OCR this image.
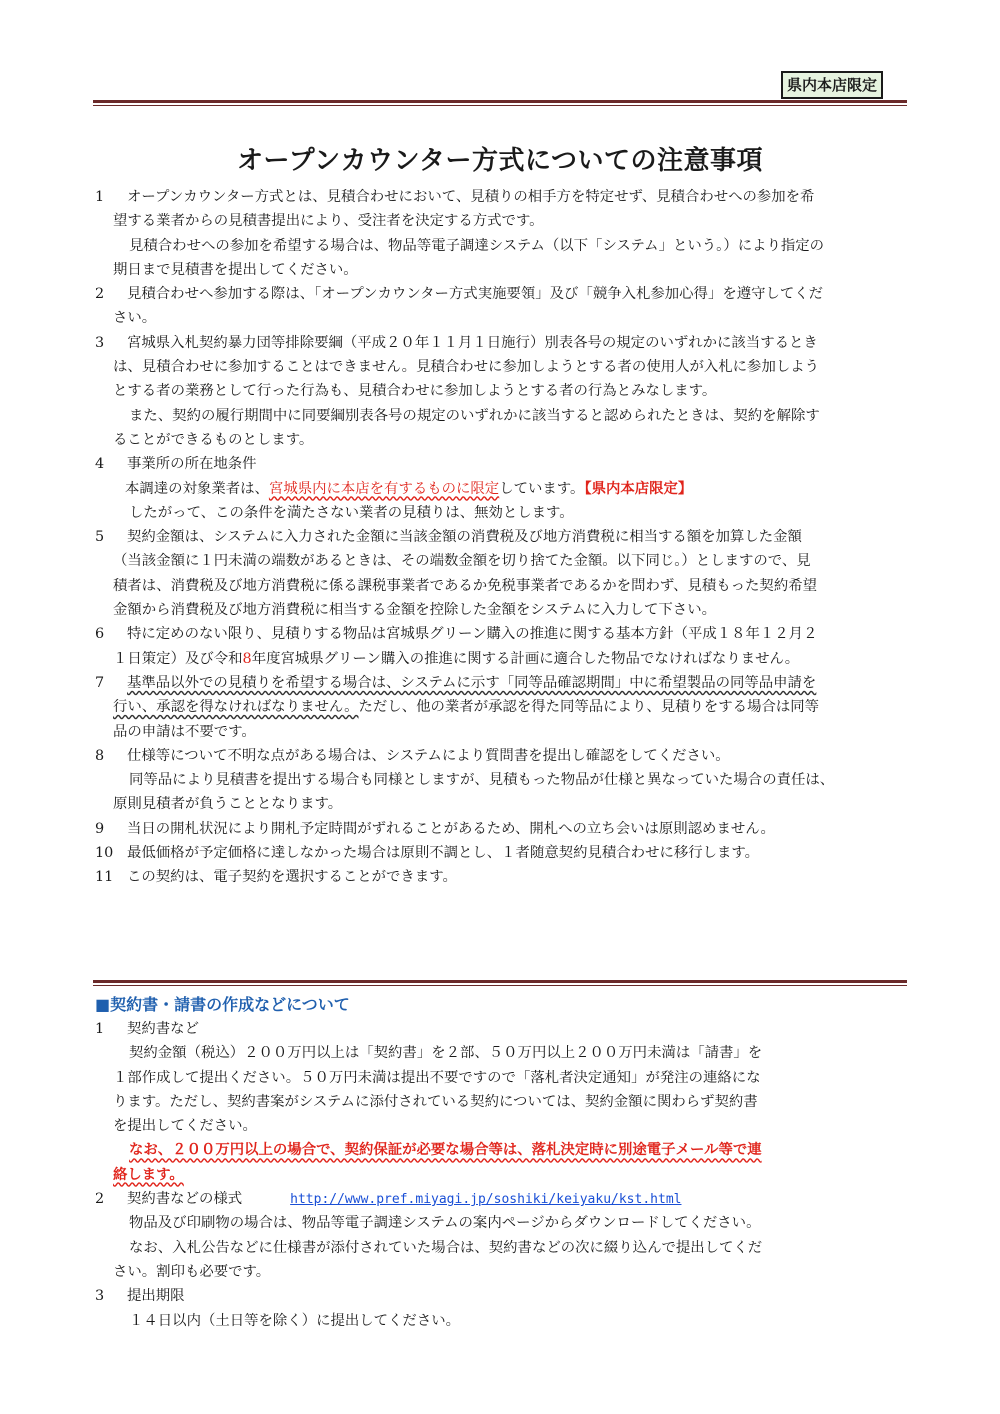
県内本店限定
オープンカウンター方式についての注意事項
1 オープンカウンター方式とは、見積合わせにおいて、見積りの相手方を特定せず、見積合わせへの参加を希
望する業者からの見積書提出により、受注者を決定する方式です。
見積合わせへの参加を希望する場合は、物品等電子調達システム（以下「システム」という。）により指定の
期日まで見積書を提出してください。
2 見積合わせへ参加する際は、「オープンカウンター方式実施要領」及び「競争入札参加心得」を遵守してくだ
さい。
3 宮城県入札契約暴力団等排除要綱（平成２０年１１月１日施行）別表各号の規定のいずれかに該当するとき
は、見積合わせに参加することはできません。見積合わせに参加しようとする者の使用人が入札に参加しよう
とする者の業務として行った行為も、見積合わせに参加しようとする者の行為とみなします。
また、契約の履行期間中に同要綱別表各号の規定のいずれかに該当すると認められたときは、契約を解除す
ることができるものとします。
4 事業所の所在地条件
本調達の対象業者は、宮城県内に本店を有するものに限定しています。【県内本店限定】
したがって、この条件を満たさない業者の見積りは、無効とします。
5 契約金額は、システムに入力された金額に当該金額の消費税及び地方消費税に相当する額を加算した金額
（当該金額に１円未満の端数があるときは、その端数金額を切り捨てた金額。以下同じ。）としますので、見
積者は、消費税及び地方消費税に係る課税事業者であるか免税事業者であるかを問わず、見積もった契約希望
金額から消費税及び地方消費税に相当する金額を控除した金額をシステムに入力して下さい。
6 特に定めのない限り、見積りする物品は宮城県グリーン購入の推進に関する基本方針（平成１８年１２月２
１日策定）及び令和8年度宮城県グリーン購入の推進に関する計画に適合した物品でなければなりません。
7 基準品以外での見積りを希望する場合は、システムに示す「同等品確認期間」中に希望製品の同等品申請を
行い、承認を得なければなりません。ただし、他の業者が承認を得た同等品により、見積りをする場合は同等
品の申請は不要です。
8 仕様等について不明な点がある場合は、システムにより質問書を提出し確認をしてください。
同等品により見積書を提出する場合も同様としますが、見積もった物品が仕様と異なっていた場合の責任は、
原則見積者が負うこととなります。
9 当日の開札状況により開札予定時間がずれることがあるため、開札への立ち会いは原則認めません。
10 最低価格が予定価格に達しなかった場合は原則不調とし、１者随意契約見積合わせに移行します。
11 この契約は、電子契約を選択することができます。
■契約書・請書の作成などについて
1 契約書など
契約金額（税込）２００万円以上は「契約書」を２部、５０万円以上２００万円未満は「請書」を
１部作成して提出ください。５０万円未満は提出不要ですので「落札者決定通知」が発注の連絡にな
ります。ただし、契約書案がシステムに添付されている契約については、契約金額に関わらず契約書
を提出してください。
なお、２００万円以上の場合で、契約保証が必要な場合等は、落札決定時に別途電子メール等で連
絡します。
2 契約書などの様式	http://www.pref.miyagi.jp/soshiki/keiyaku/kst.html
物品及び印刷物の場合は、物品等電子調達システムの案内ページからダウンロードしてください。
なお、入札公告などに仕様書が添付されていた場合は、契約書などの次に綴り込んで提出してくだ
さい。割印も必要です。
3 提出期限
１４日以内（土日等を除く）に提出してください。
